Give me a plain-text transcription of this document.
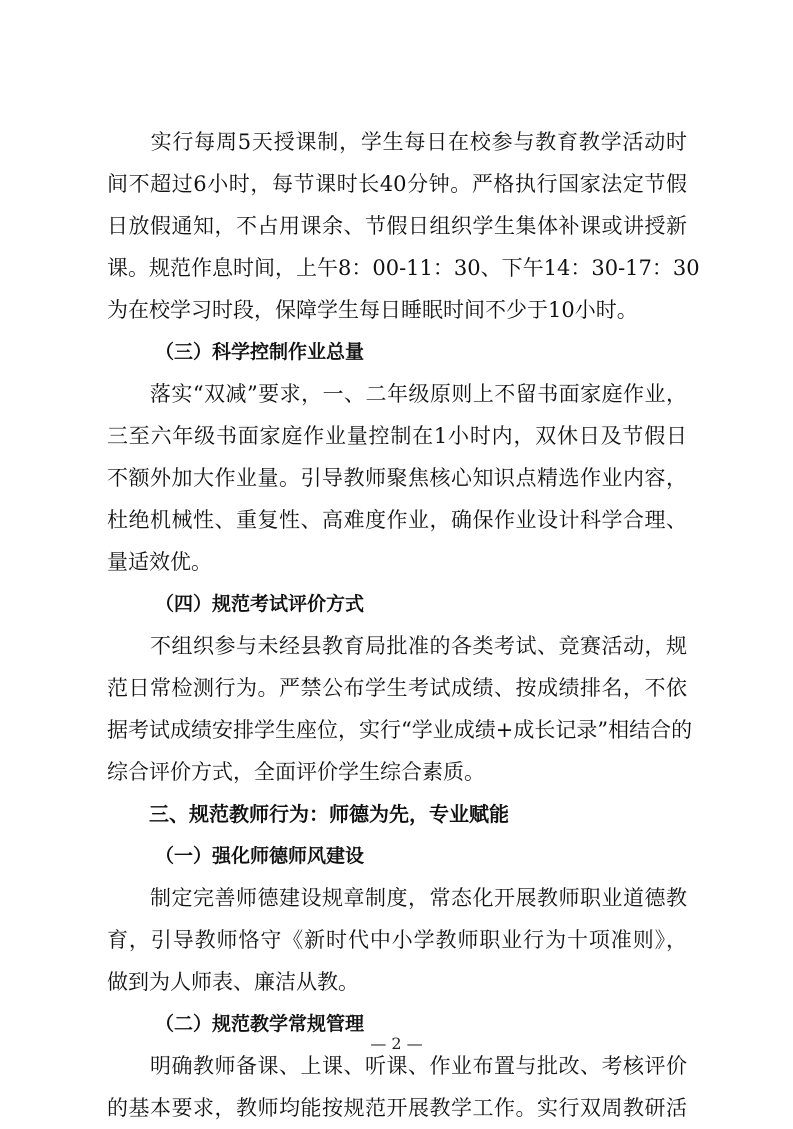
　　实行每周5天授课制，学生每日在校参与教育教学活动时
间不超过6小时，每节课时长40分钟。严格执行国家法定节假
日放假通知，不占用课余、节假日组织学生集体补课或讲授新
课。规范作息时间，上午8：00-11：30、下午14：30-17：30
为在校学习时段，保障学生每日睡眠时间不少于10小时。
（三）科学控制作业总量
　　落实“双减”要求，一、二年级原则上不留书面家庭作业，
三至六年级书面家庭作业量控制在1小时内，双休日及节假日
不额外加大作业量。引导教师聚焦核心知识点精选作业内容，
杜绝机械性、重复性、高难度作业，确保作业设计科学合理、
量适效优。
（四）规范考试评价方式
　　不组织参与未经县教育局批准的各类考试、竞赛活动，规
范日常检测行为。严禁公布学生考试成绩、按成绩排名，不依
据考试成绩安排学生座位，实行“学业成绩+成长记录”相结合的
综合评价方式，全面评价学生综合素质。
三、规范教师行为：师德为先，专业赋能
（一）强化师德师风建设
　　制定完善师德建设规章制度，常态化开展教师职业道德教
育，引导教师恪守《新时代中小学教师职业行为十项准则》，
做到为人师表、廉洁从教。
（二）规范教学常规管理
　　明确教师备课、上课、听课、作业布置与批改、考核评价
的基本要求，教师均能按规范开展教学工作。实行双周教研活
— 2 —
